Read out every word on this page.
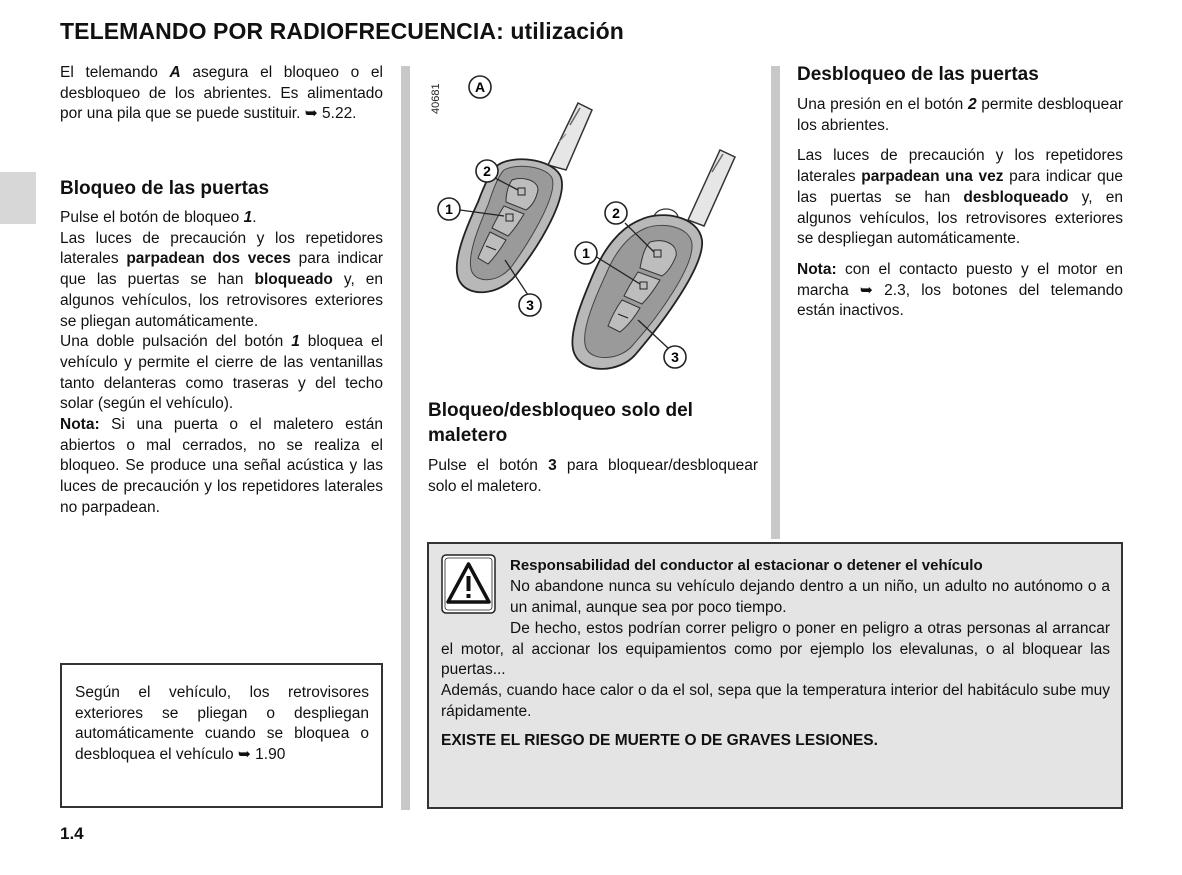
TELEMANDO POR RADIOFRECUENCIA: utilización
El telemando A asegura el bloqueo o el desbloqueo de los abrientes. Es alimentado por una pila que se puede sustituir. ➥ 5.22.
Bloqueo de las puertas
Pulse el botón de bloqueo 1.
Las luces de precaución y los repetidores laterales parpadean dos veces para indicar que las puertas se han bloqueado y, en algunos vehículos, los retrovisores exteriores se pliegan automáticamente.
Una doble pulsación del botón 1 bloquea el vehículo y permite el cierre de las ventanillas tanto delanteras como traseras y del techo solar (según el vehículo).
Nota: Si una puerta o el maletero están abiertos o mal cerrados, no se realiza el bloqueo. Se produce una señal acústica y las luces de precaución y los repetidores laterales no parpadean.
Según el vehículo, los retrovisores exteriores se pliegan o despliegan automáticamente cuando se bloquea o desbloquea el vehículo ➥ 1.90
40681 A
2
1
3
2
1
3
Bloqueo/desbloqueo solo del maletero
Pulse el botón 3 para bloquear/desbloquear solo el maletero.
Desbloqueo de las puertas
Una presión en el botón 2 permite desbloquear los abrientes.
Las luces de precaución y los repetidores laterales parpadean una vez para indicar que las puertas se han desbloqueado y, en algunos vehículos, los retrovisores exteriores se despliegan automáticamente.
Nota: con el contacto puesto y el motor en marcha ➥ 2.3, los botones del telemando están inactivos.
Responsabilidad del conductor al estacionar o detener el vehículo
No abandone nunca su vehículo dejando dentro a un niño, un adulto no autónomo o a un animal, aunque sea por poco tiempo.
De hecho, estos podrían correr peligro o poner en peligro a otras personas al arrancar el motor, al accionar los equipamientos como por ejemplo los elevalunas, o al bloquear las puertas...
Además, cuando hace calor o da el sol, sepa que la temperatura interior del habitáculo sube muy rápidamente.
EXISTE EL RIESGO DE MUERTE O DE GRAVES LESIONES.
1.4
